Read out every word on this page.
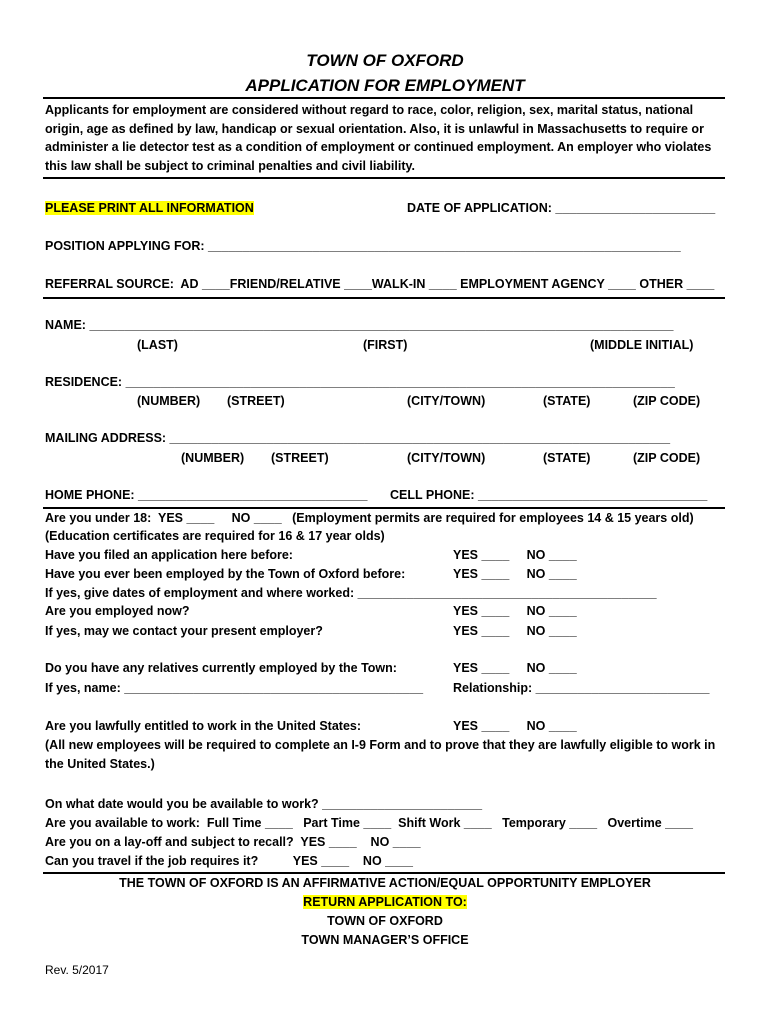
TOWN OF OXFORD
APPLICATION FOR EMPLOYMENT
Applicants for employment are considered without regard to race, color, religion, sex, marital status, national origin, age as defined by law, handicap or sexual orientation. Also, it is unlawful in Massachusetts to require or administer a lie detector test as a condition of employment or continued employment. An employer who violates this law shall be subject to criminal penalties and civil liability.
PLEASE PRINT ALL INFORMATION	DATE OF APPLICATION: _______________________
POSITION APPLYING FOR: ____________________________________________________________________
REFERRAL SOURCE:  AD ____FRIEND/RELATIVE ____WALK-IN ____ EMPLOYMENT AGENCY ____ OTHER ____
NAME: ____________________________________________________________________________________
(LAST)	(FIRST)	(MIDDLE INITIAL)
RESIDENCE: _______________________________________________________________________________
(NUMBER) (STREET)	(CITY/TOWN)	(STATE)	(ZIP CODE)
MAILING ADDRESS: ________________________________________________________________________
(NUMBER) (STREET)	(CITY/TOWN)	(STATE)	(ZIP CODE)
HOME PHONE: _________________________________ CELL PHONE: _________________________________
Are you under 18:  YES ____     NO ____   (Employment permits are required for employees 14 & 15 years old)
(Education certificates are required for 16 & 17 year olds)
Have you filed an application here before:	YES ____     NO ____
Have you ever been employed by the Town of Oxford before:	YES ____     NO ____
If yes, give dates of employment and where worked: ___________________________________________
Are you employed now?	YES ____     NO ____
If yes, may we contact your present employer?	YES ____     NO ____
Do you have any relatives currently employed by the Town:	YES ____     NO ____
If yes, name: ___________________________________________ Relationship: _________________________
Are you lawfully entitled to work in the United States:	YES ____     NO ____
(All new employees will be required to complete an I-9 Form and to prove that they are lawfully eligible to work in the United States.)
On what date would you be available to work? _______________________
Are you available to work:  Full Time ____   Part Time ____  Shift Work ____   Temporary ____   Overtime ____
Are you on a lay-off and subject to recall?  YES ____    NO ____
Can you travel if the job requires it?          YES ____    NO ____
THE TOWN OF OXFORD IS AN AFFIRMATIVE ACTION/EQUAL OPPORTUNITY EMPLOYER
RETURN APPLICATION TO:
TOWN OF OXFORD
TOWN MANAGER’S OFFICE
Rev. 5/2017
